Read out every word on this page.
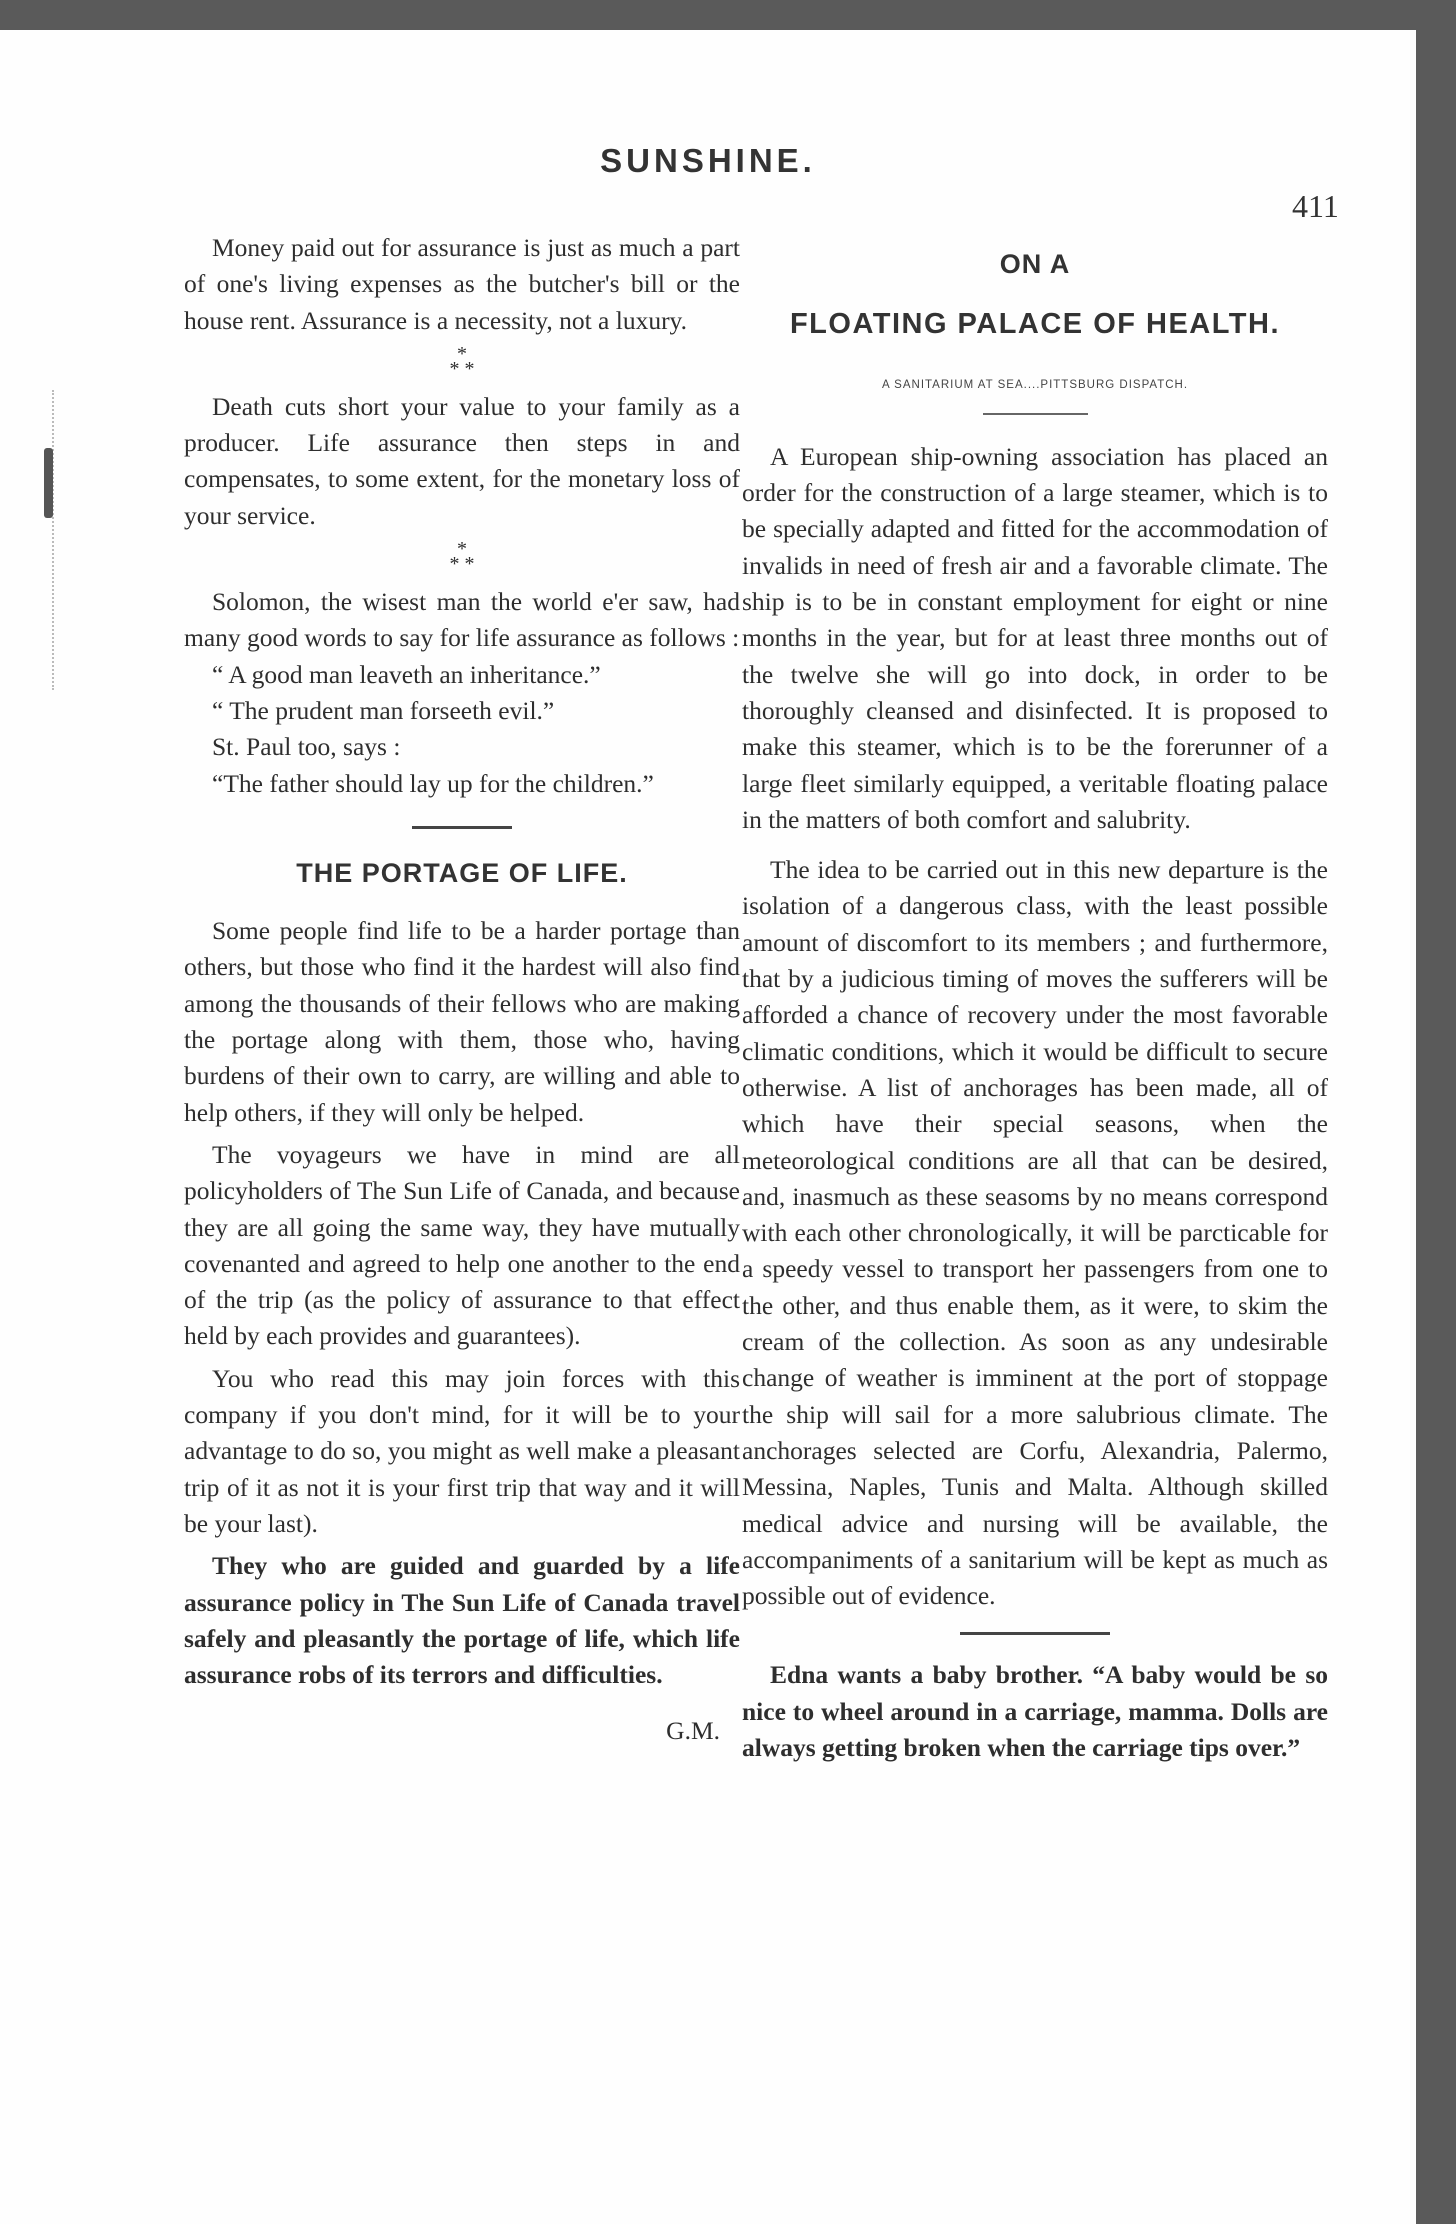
SUNSHINE.
411

Money paid out for assurance is just as much a part of one's living expenses as the butcher's bill or the house rent. Assurance is a necessity, not a luxury.

*
* *

Death cuts short your value to your family as a producer. Life assurance then steps in and compensates, to some extent, for the monetary loss of your service.

*
* *

Solomon, the wisest man the world e'er saw, had many good words to say for life assurance as follows :

“ A good man leaveth an inheritance.”

“ The prudent man forseeth evil.”

St. Paul too, says :

“The father should lay up for the children.”

THE PORTAGE OF LIFE.

Some people find life to be a harder portage than others, but those who find it the hardest will also find among the thousands of their fellows who are making the portage along with them, those who, having burdens of their own to carry, are willing and able to help others, if they will only be helped.

The voyageurs we have in mind are all policyholders of The Sun Life of Canada, and because they are all going the same way, they have mutually covenanted and agreed to help one another to the end of the trip (as the policy of assurance to that effect held by each provides and guarantees).

You who read this may join forces with this company if you don't mind, for it will be to your advantage to do so, you might as well make a pleasant trip of it as not it is your first trip that way and it will be your last).

They who are guided and guarded by a life assurance policy in The Sun Life of Canada travel safely and pleasantly the portage of life, which life assurance robs of its terrors and difficulties.

G.M.
ON A
FLOATING PALACE OF HEALTH.
A SANITARIUM AT SEA....PITTSBURG DISPATCH.

A European ship-owning association has placed an order for the construction of a large steamer, which is to be specially adapted and fitted for the accommodation of invalids in need of fresh air and a favorable climate. The ship is to be in constant employment for eight or nine months in the year, but for at least three months out of the twelve she will go into dock, in order to be thoroughly cleansed and disinfected. It is proposed to make this steamer, which is to be the forerunner of a large fleet similarly equipped, a veritable floating palace in the matters of both comfort and salubrity.

The idea to be carried out in this new departure is the isolation of a dangerous class, with the least possible amount of discomfort to its members ; and furthermore, that by a judicious timing of moves the sufferers will be afforded a chance of recovery under the most favorable climatic conditions, which it would be difficult to secure otherwise. A list of anchorages has been made, all of which have their special seasons, when the meteorological conditions are all that can be desired, and, inasmuch as these seasoms by no means correspond with each other chronologically, it will be parcticable for a speedy vessel to transport her passengers from one to the other, and thus enable them, as it were, to skim the cream of the collection. As soon as any undesirable change of weather is imminent at the port of stoppage the ship will sail for a more salubrious climate. The anchorages selected are Corfu, Alexandria, Palermo, Messina, Naples, Tunis and Malta. Although skilled medical advice and nursing will be available, the accompaniments of a sanitarium will be kept as much as possible out of evidence.

Edna wants a baby brother. “A baby would be so nice to wheel around in a carriage, mamma. Dolls are always getting broken when the carriage tips over.”
